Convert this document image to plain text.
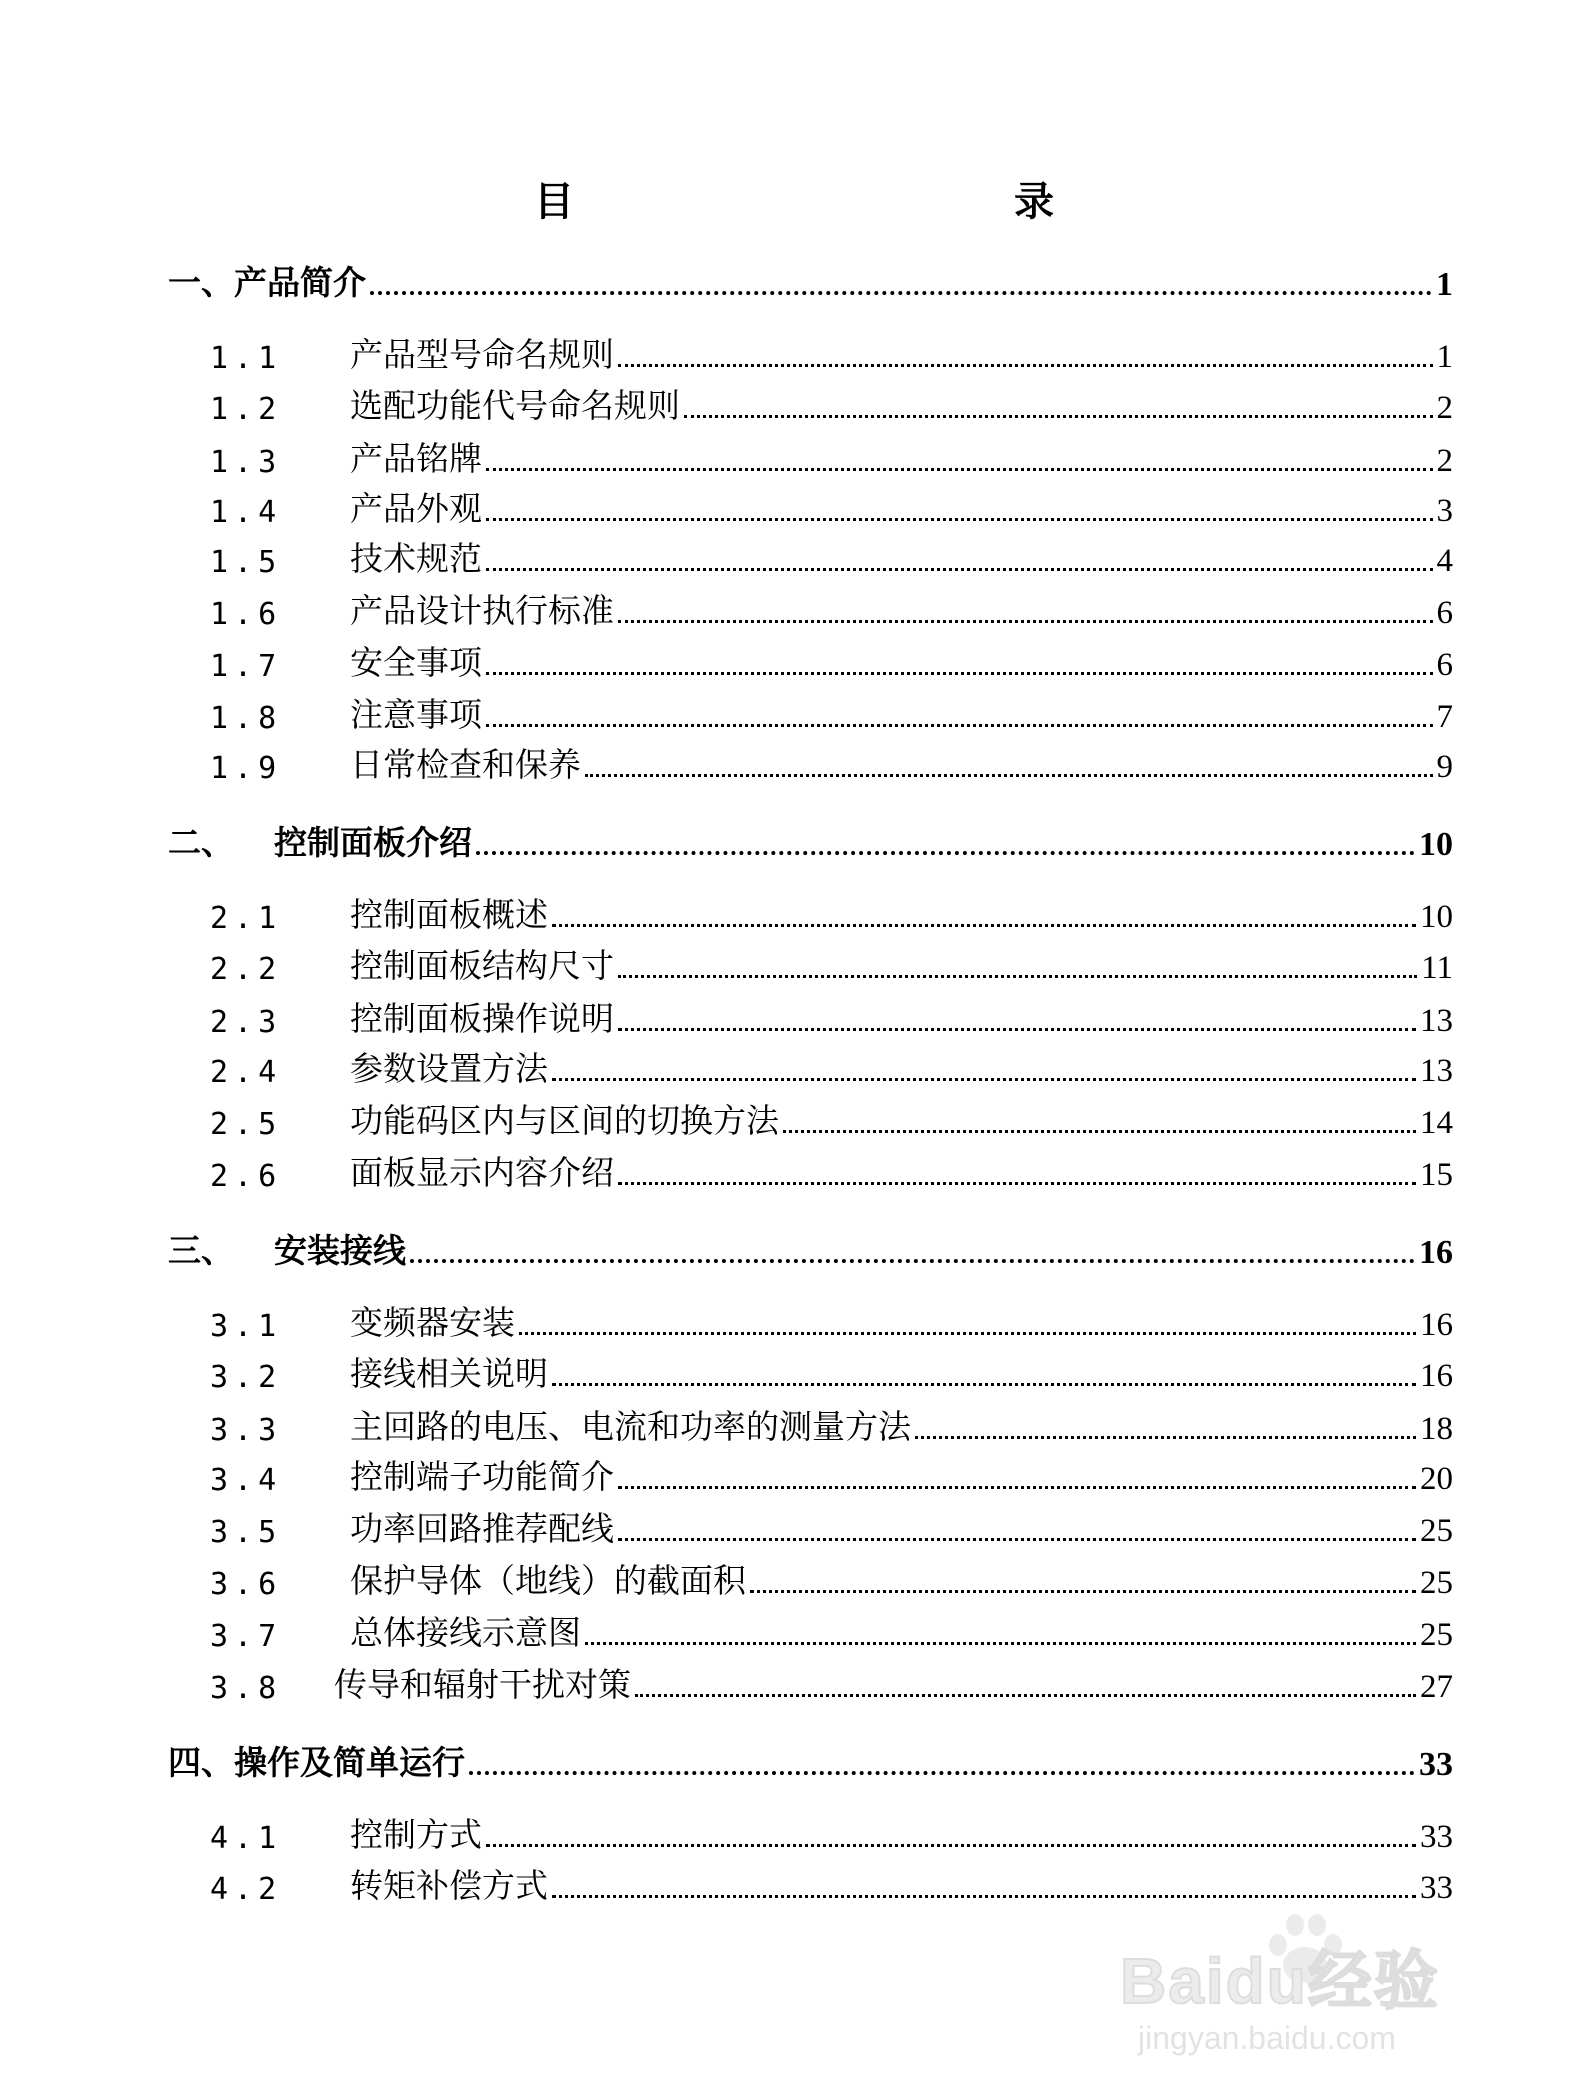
目　　录
一、 产品简介	1
1.1	产品型号命名规则	1
1.2	选配功能代号命名规则	2
1.3	产品铭牌	2
1.4	产品外观	3
1.5	技术规范	4
1.6	产品设计执行标准	6
1.7	安全事项	6
1.8	注意事项	7
1.9	日常检查和保养	9
二、 控制面板介绍	10
2.1	控制面板概述	10
2.2	控制面板结构尺寸	11
2.3	控制面板操作说明	13
2.4	参数设置方法	13
2.5	功能码区内与区间的切换方法	14
2.6	面板显示内容介绍	15
三、 安装接线	16
3.1	变频器安装	16
3.2	接线相关说明	16
3.3	主回路的电压、电流和功率的测量方法	18
3.4	控制端子功能简介	20
3.5	功率回路推荐配线	25
3.6	保护导体（地线）的截面积	25
3.7	总体接线示意图	25
3.8	传导和辐射干扰对策	27
四、 操作及简单运行	33
4.1	控制方式	33
4.2	转矩补偿方式	33
Baidu经验
jingyan.baidu.com
